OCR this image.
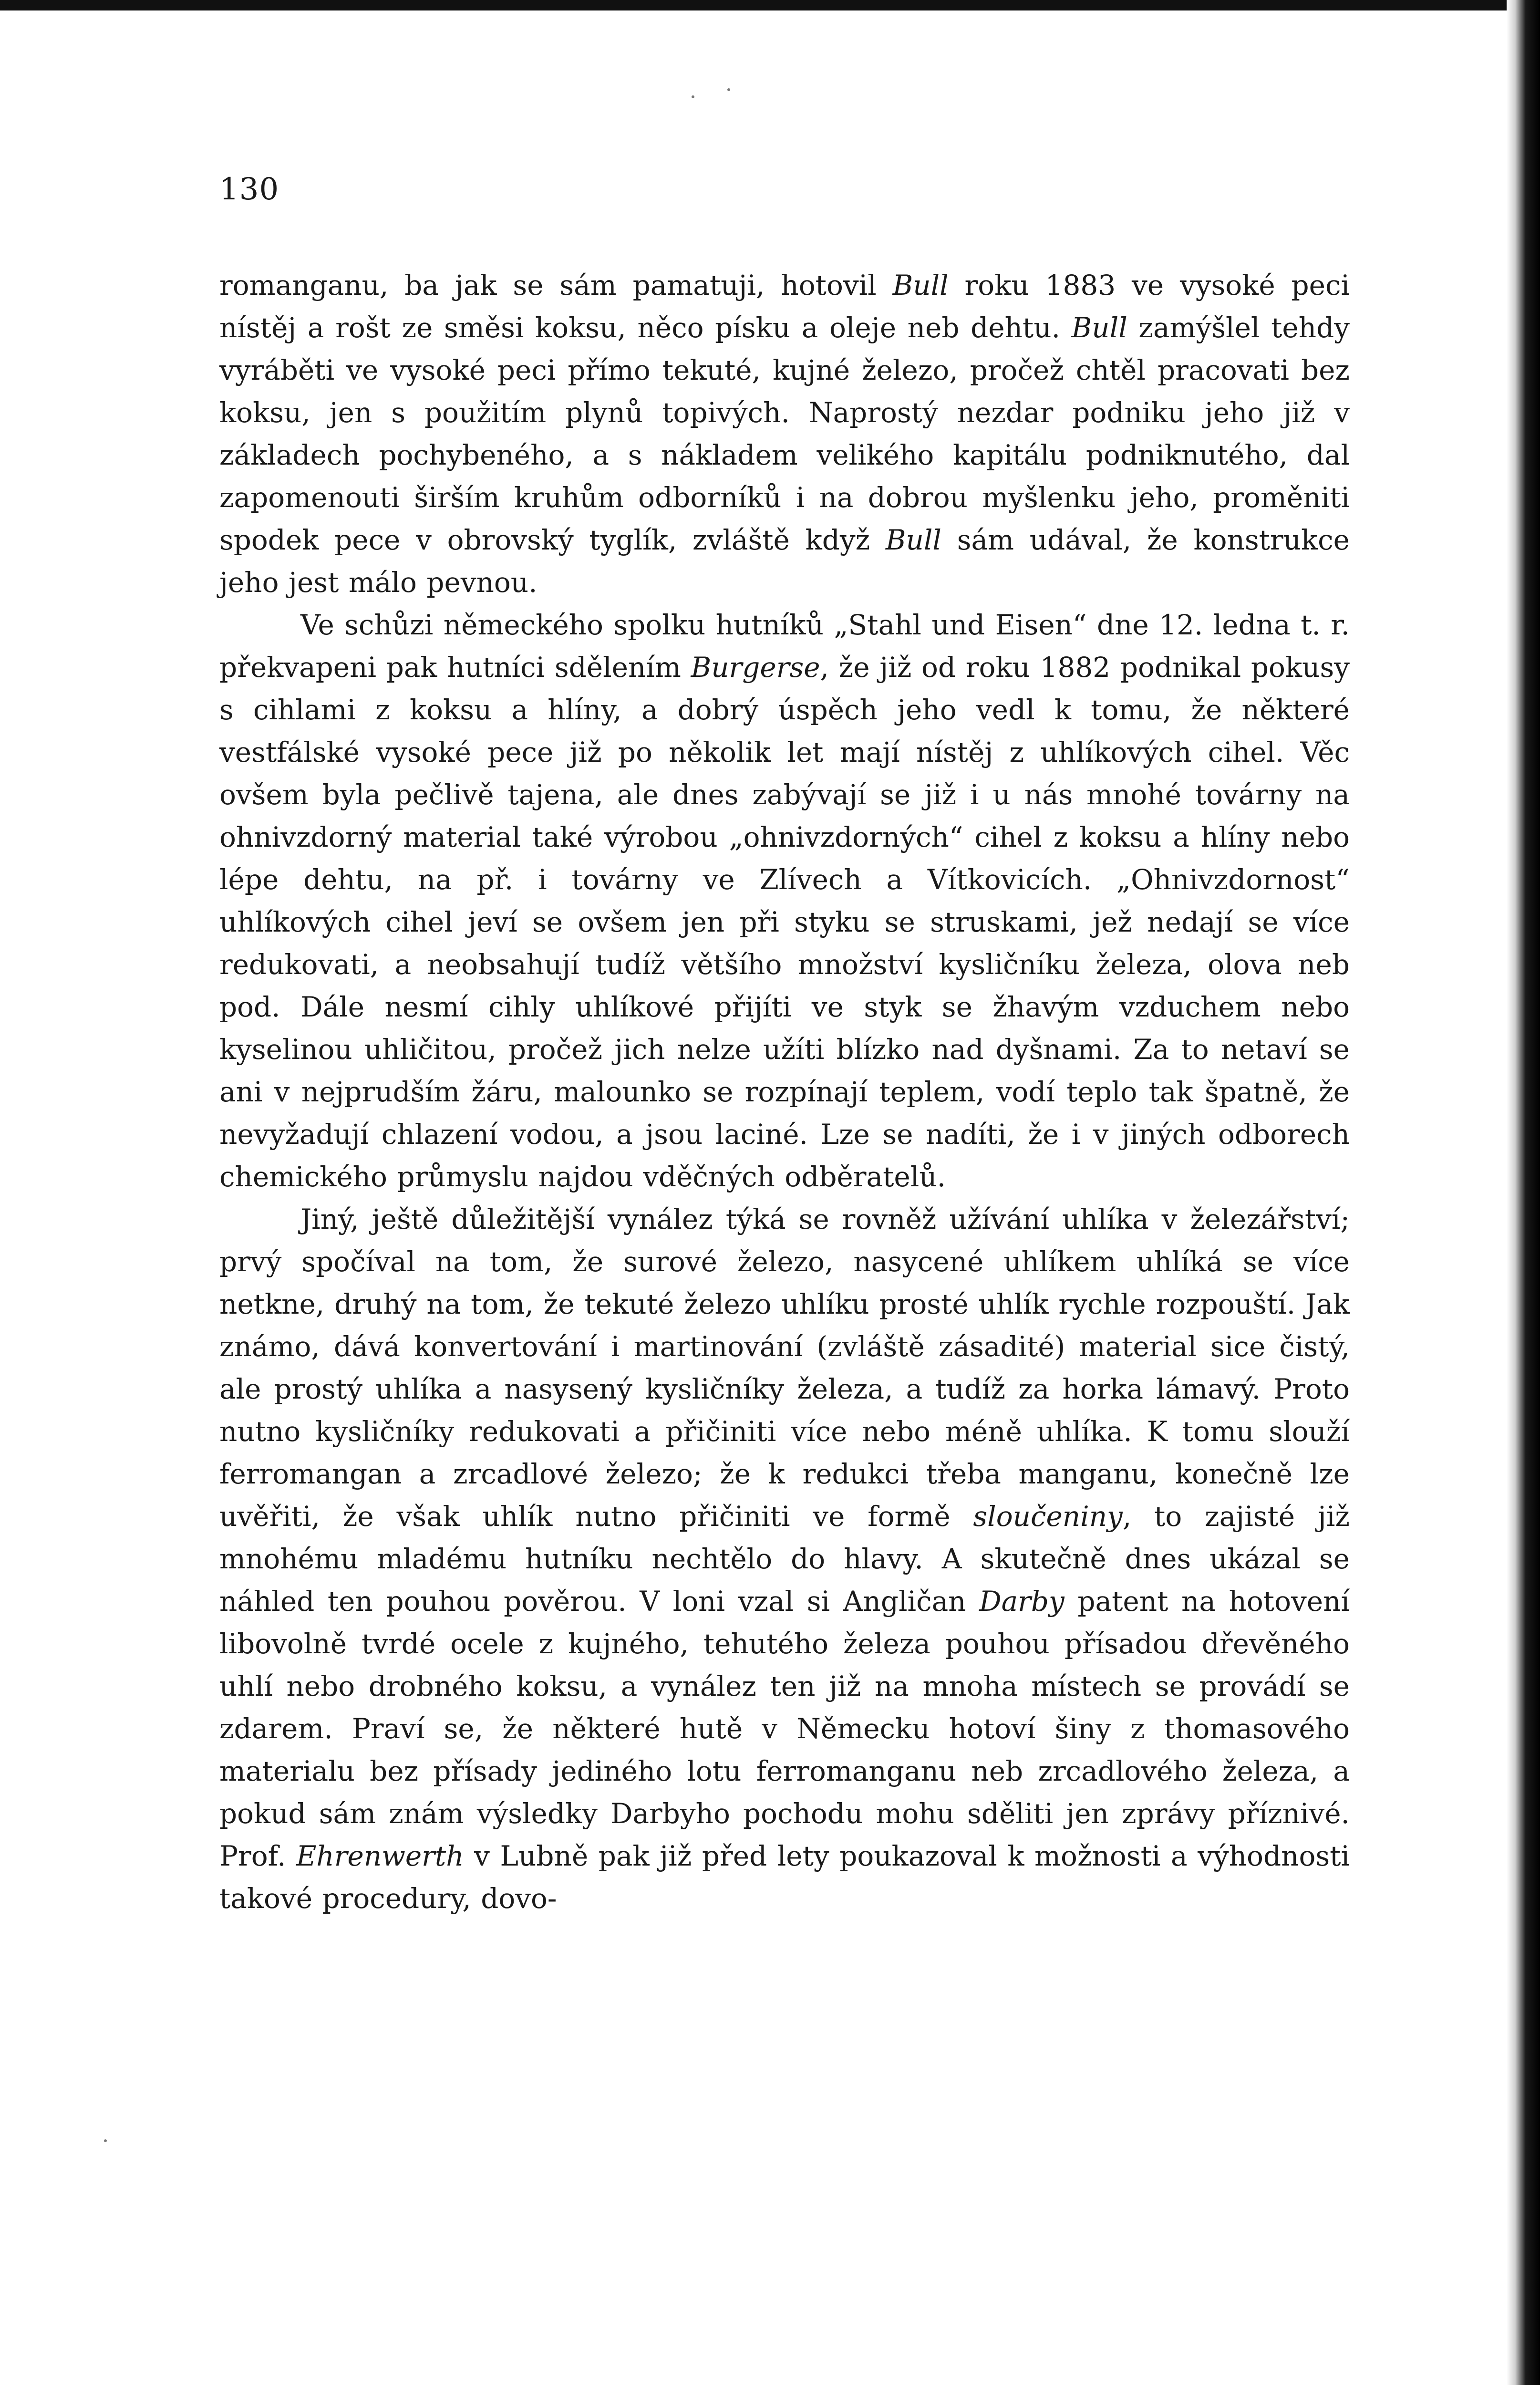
130

romanganu, ba jak se sám pamatuji, hotovil Bull roku 1883 ve vysoké peci nístěj a rošt ze směsi koksu, něco písku a oleje neb dehtu. Bull zamýšlel tehdy vyráběti ve vysoké peci přímo tekuté, kujné železo, pročež chtěl pracovati bez koksu, jen s použitím plynů topivých. Naprostý nezdar podniku jeho již v základech pochybeného, a s nákladem velikého kapitálu podniknutého, dal zapomenouti širším kruhům odborníků i na dobrou myšlenku jeho, proměniti spodek pece v obrovský tyglík, zvláště když Bull sám udával, že konstrukce jeho jest málo pevnou.

Ve schůzi německého spolku hutníků „Stahl und Eisen“ dne 12. ledna t. r. překvapeni pak hutníci sdělením Burgerse, že již od roku 1882 podnikal pokusy s cihlami z koksu a hlíny, a dobrý úspěch jeho vedl k tomu, že některé vestfálské vysoké pece již po několik let mají nístěj z uhlíkových cihel. Věc ovšem byla pečlivě tajena, ale dnes zabývají se již i u nás mnohé továrny na ohnivzdorný material také výrobou „ohnivzdorných“ cihel z koksu a hlíny nebo lépe dehtu, na př. i továrny ve Zlívech a Vítkovicích. „Ohnivzdornost“ uhlíkových cihel jeví se ovšem jen při styku se struskami, jež nedají se více redukovati, a neobsahují tudíž většího množství kysličníku železa, olova neb pod. Dále nesmí cihly uhlíkové přijíti ve styk se žhavým vzduchem nebo kyselinou uhličitou, pročež jich nelze užíti blízko nad dyšnami. Za to netaví se ani v nejprudším žáru, malounko se rozpínají teplem, vodí teplo tak špatně, že nevyžadují chlazení vodou, a jsou laciné. Lze se nadíti, že i v jiných odborech chemického průmyslu najdou vděčných odběratelů.

Jiný, ještě důležitější vynález týká se rovněž užívání uhlíka v železářství; prvý spočíval na tom, že surové železo, nasycené uhlíkem uhlíká se více netkne, druhý na tom, že tekuté železo uhlíku prosté uhlík rychle rozpouští. Jak známo, dává konvertování i martinování (zvláště zásadité) material sice čistý, ale prostý uhlíka a nasysený kysličníky železa, a tudíž za horka lámavý. Proto nutno kysličníky redukovati a přičiniti více nebo méně uhlíka. K tomu slouží ferromangan a zrcadlové železo; že k redukci třeba manganu, konečně lze uvěřiti, že však uhlík nutno přičiniti ve formě sloučeniny, to zajisté již mnohému mladému hutníku nechtělo do hlavy. A skutečně dnes ukázal se náhled ten pouhou pověrou. V loni vzal si Angličan Darby patent na hotovení libovolně tvrdé ocele z kujného, tehutého železa pouhou přísadou dřevěného uhlí nebo drobného koksu, a vynález ten již na mnoha místech se provádí se zdarem. Praví se, že některé hutě v Německu hotoví šiny z thomasového materialu bez přísady jediného lotu ferromanganu neb zrcadlového železa, a pokud sám znám výsledky Darbyho pochodu mohu sděliti jen zprávy příznivé. Prof. Ehrenwerth v Lubně pak již před lety poukazoval k možnosti a výhodnosti takové procedury, dovo-
